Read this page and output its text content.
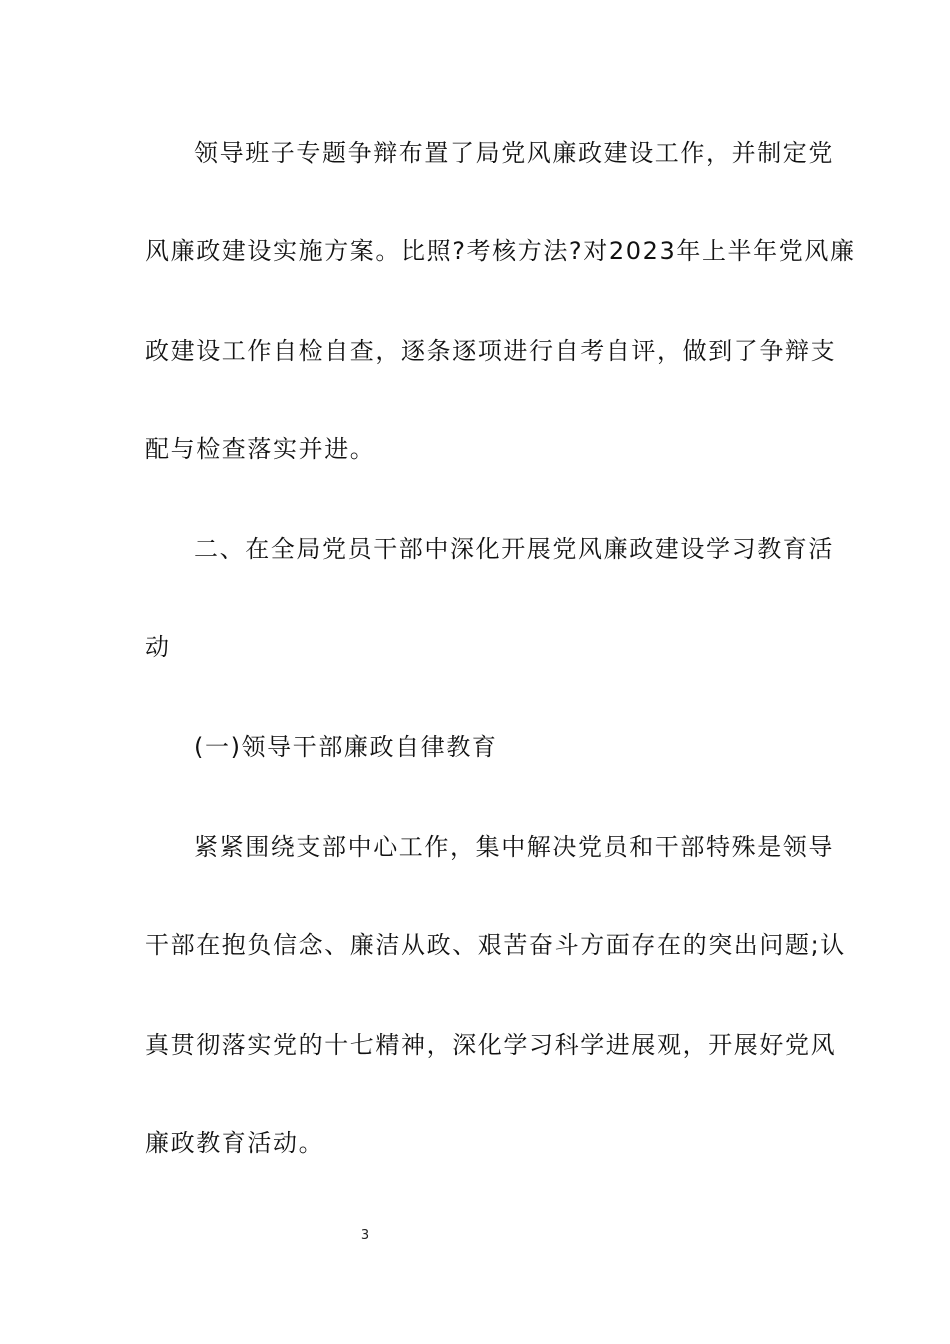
领导班子专题争辩布置了局党风廉政建设工作，并制定党
风廉政建设实施方案。比照?考核方法?对2023年上半年党风廉
政建设工作自检自查，逐条逐项进行自考自评，做到了争辩支
配与检查落实并进。
二、在全局党员干部中深化开展党风廉政建设学习教育活
动
(一)领导干部廉政自律教育
紧紧围绕支部中心工作，集中解决党员和干部特殊是领导
干部在抱负信念、廉洁从政、艰苦奋斗方面存在的突出问题;认
真贯彻落实党的十七精神，深化学习科学进展观，开展好党风
廉政教育活动。
3
